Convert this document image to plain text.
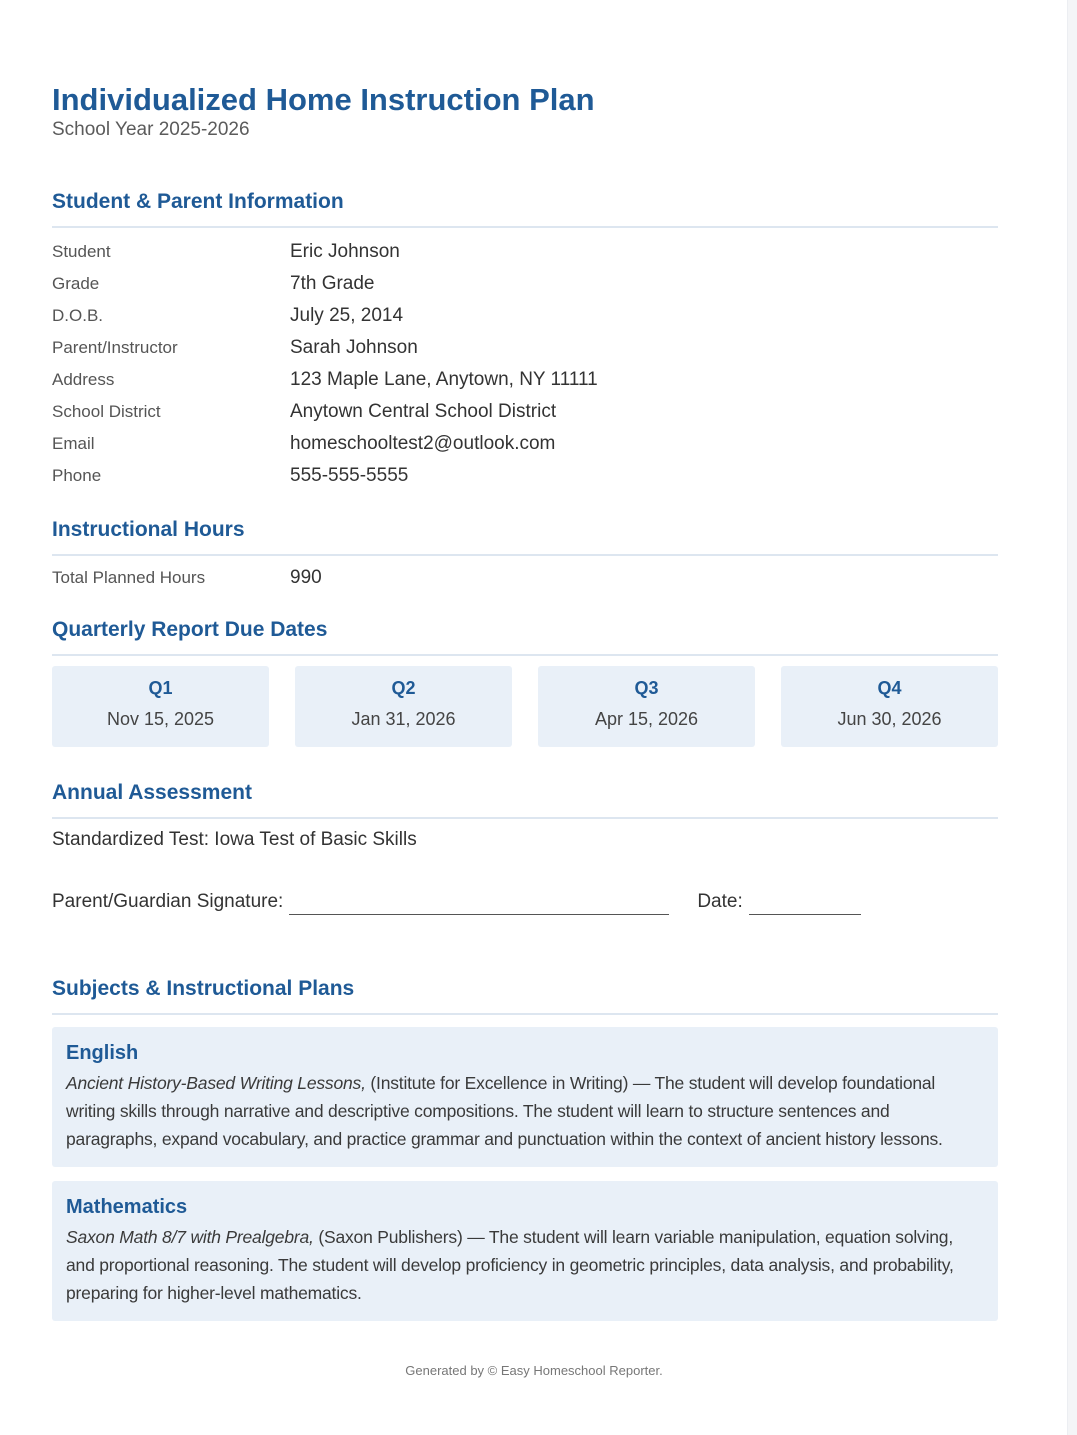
Individualized Home Instruction Plan
School Year 2025-2026
Student & Parent Information
Student	Eric Johnson
Grade	7th Grade
D.O.B.	July 25, 2014
Parent/Instructor	Sarah Johnson
Address	123 Maple Lane, Anytown, NY 11111
School District	Anytown Central School District
Email	homeschooltest2@outlook.com
Phone	555-555-5555
Instructional Hours
Total Planned Hours	990
Quarterly Report Due Dates
Q1
Nov 15, 2025
Q2
Jan 31, 2026
Q3
Apr 15, 2026
Q4
Jun 30, 2026
Annual Assessment
Standardized Test: Iowa Test of Basic Skills
Parent/Guardian Signature:	Date:
Subjects & Instructional Plans
English
Ancient History-Based Writing Lessons, (Institute for Excellence in Writing) — The student will develop foundational writing skills through narrative and descriptive compositions. The student will learn to structure sentences and paragraphs, expand vocabulary, and practice grammar and punctuation within the context of ancient history lessons.
Mathematics
Saxon Math 8/7 with Prealgebra, (Saxon Publishers) — The student will learn variable manipulation, equation solving, and proportional reasoning. The student will develop proficiency in geometric principles, data analysis, and probability, preparing for higher-level mathematics.
Generated by © Easy Homeschool Reporter.
